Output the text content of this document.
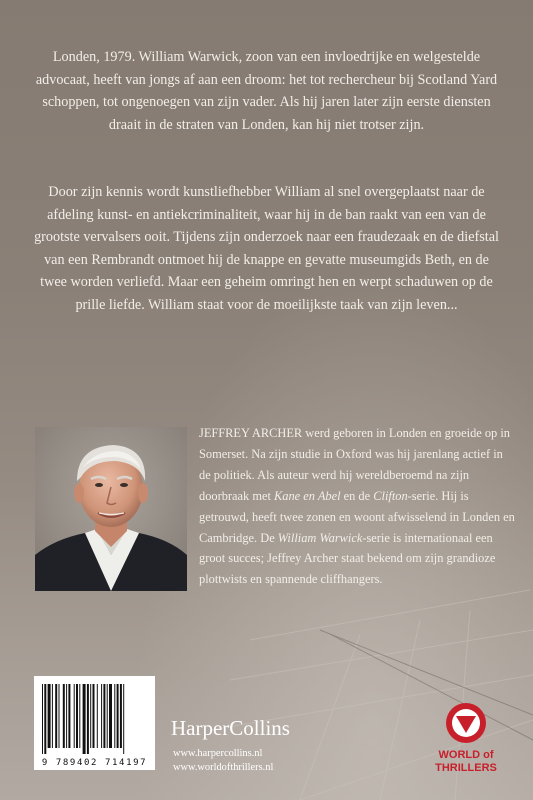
Londen, 1979. William Warwick, zoon van een invloedrijke en welgestelde advocaat, heeft van jongs af aan een droom: het tot rechercheur bij Scotland Yard schoppen, tot ongenoegen van zijn vader. Als hij jaren later zijn eerste diensten draait in de straten van Londen, kan hij niet trotser zijn.

Door zijn kennis wordt kunstliefhebber William al snel overgeplaatst naar de afdeling kunst- en antiekcriminaliteit, waar hij in de ban raakt van een van de grootste vervalsers ooit. Tijdens zijn onderzoek naar een fraudezaak en de diefstal van een Rembrandt ontmoet hij de knappe en gevatte museumgids Beth, en de twee worden verliefd. Maar een geheim omringt hen en werpt schaduwen op de prille liefde. William staat voor de moeilijkste taak van zijn leven...

JEFFREY ARCHER werd geboren in Londen en groeide op in Somerset. Na zijn studie in Oxford was hij jarenlang actief in de politiek. Als auteur werd hij wereldberoemd na zijn doorbraak met Kane en Abel en de Clifton-serie. Hij is getrouwd, heeft twee zonen en woont afwisselend in Londen en Cambridge. De William Warwick-serie is internationaal een groot succes; Jeffrey Archer staat bekend om zijn grandioze plottwists en spannende cliffhangers.

9 789402 714197
HarperCollins
www.harpercollins.nl
www.worldofthrillers.nl
WORLD of
THRILLERS
